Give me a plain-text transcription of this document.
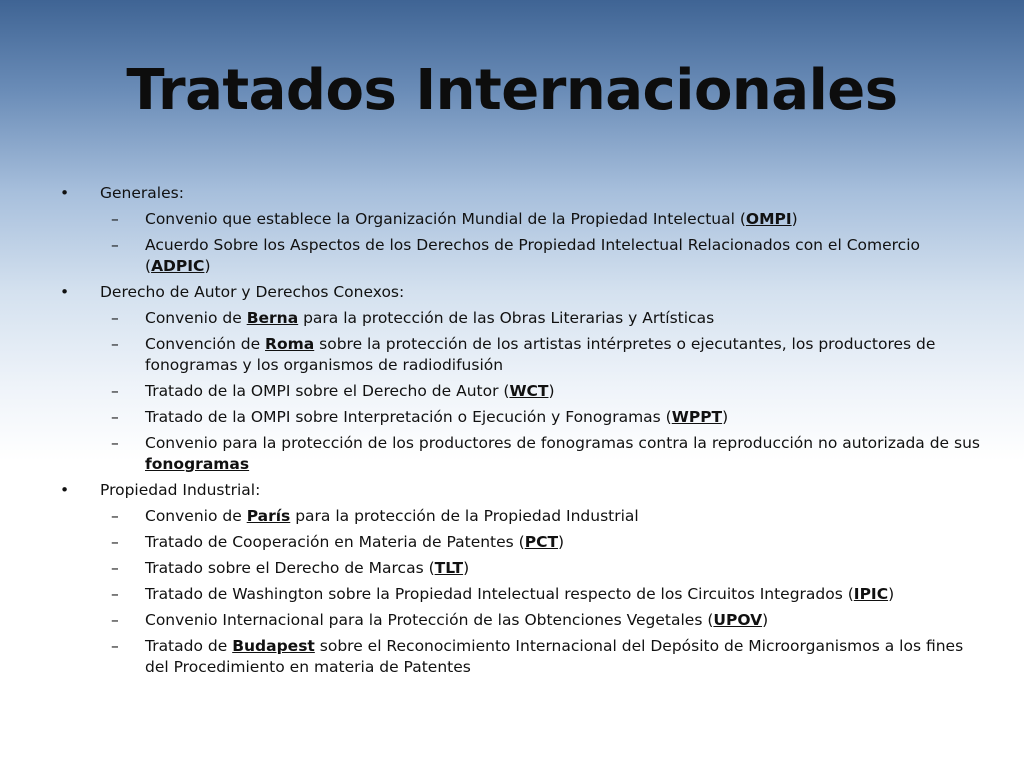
Tratados Internacionales
• Generales:
– Convenio que establece la Organización Mundial de la Propiedad Intelectual (OMPI)
– Acuerdo Sobre los Aspectos de los Derechos de Propiedad Intelectual Relacionados con el Comercio (ADPIC)
• Derecho de Autor y Derechos Conexos:
– Convenio de Berna para la protección de las Obras Literarias y Artísticas
– Convención de Roma sobre la protección de los artistas intérpretes o ejecutantes, los productores de fonogramas y los organismos de radiodifusión
– Tratado de la OMPI sobre el Derecho de Autor (WCT)
– Tratado de la OMPI sobre Interpretación o Ejecución y Fonogramas (WPPT)
– Convenio para la protección de los productores de fonogramas contra la reproducción no autorizada de sus fonogramas
• Propiedad Industrial:
– Convenio de París para la protección de la Propiedad Industrial
– Tratado de Cooperación en Materia de Patentes (PCT)
– Tratado sobre el Derecho de Marcas (TLT)
– Tratado de Washington sobre la Propiedad Intelectual respecto de los Circuitos Integrados (IPIC)
– Convenio Internacional para la Protección de las Obtenciones Vegetales (UPOV)
– Tratado de Budapest sobre el Reconocimiento Internacional del Depósito de Microorganismos a los fines del Procedimiento en materia de Patentes
